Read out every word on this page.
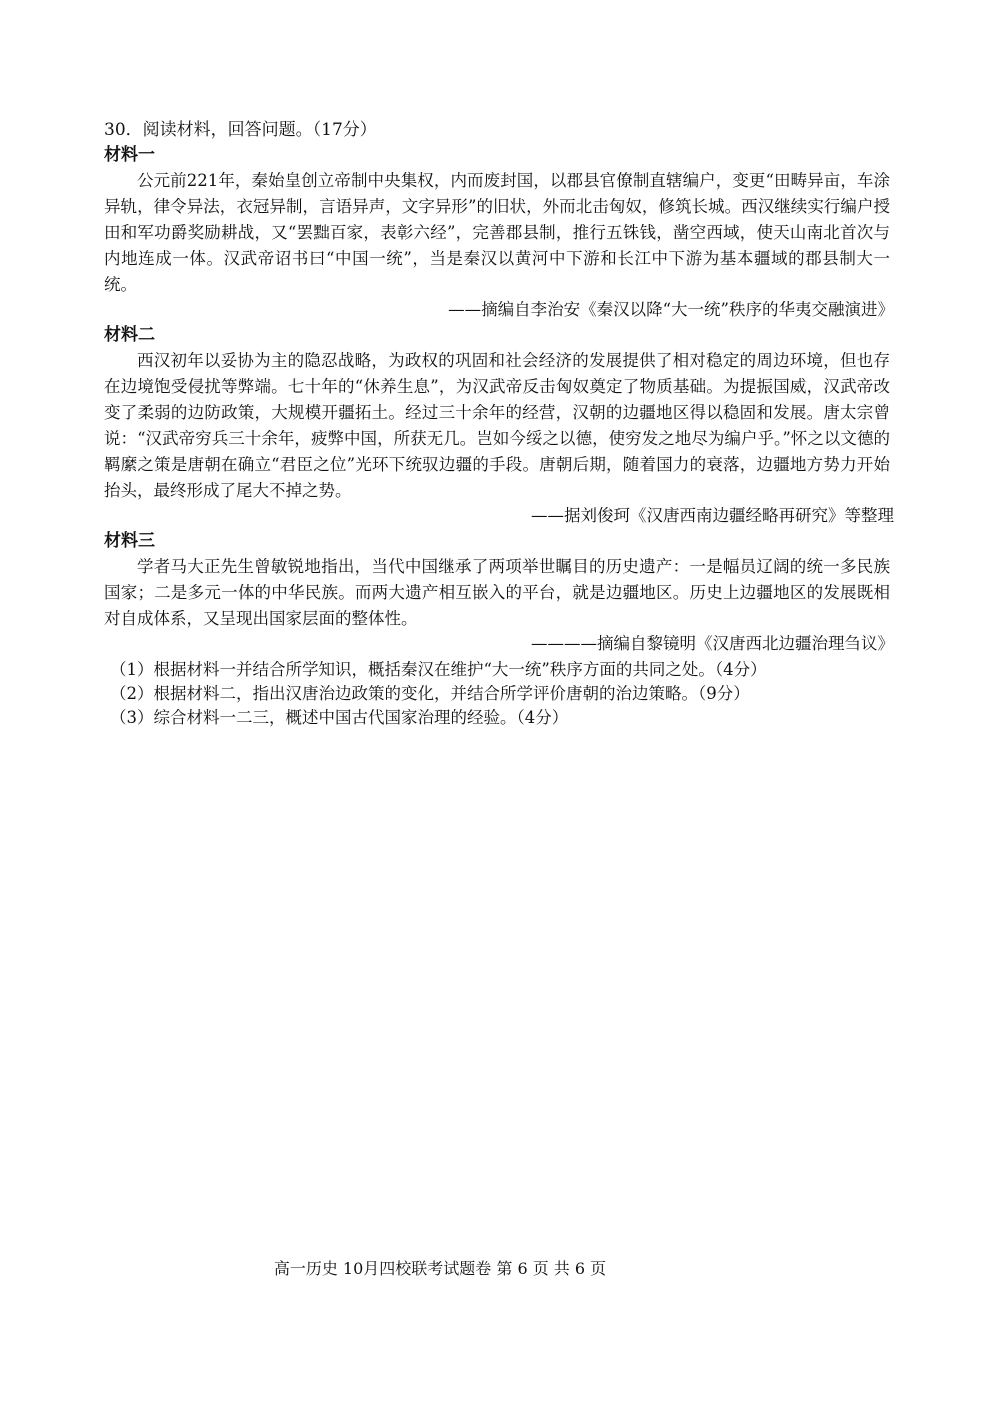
30．阅读材料，回答问题。（17分）

材料一

公元前221年，秦始皇创立帝制中央集权，内而废封国，以郡县官僚制直辖编户，变更“田畴异亩，车涂异轨，律令异法，衣冠异制，言语异声，文字异形”的旧状，外而北击匈奴，修筑长城。西汉继续实行编户授田和军功爵奖励耕战，又“罢黜百家，表彰六经”，完善郡县制，推行五铢钱，凿空西域，使天山南北首次与内地连成一体。汉武帝诏书曰“中国一统”，当是秦汉以黄河中下游和长江中下游为基本疆域的郡县制大一统。

——摘编自李治安《秦汉以降“大一统”秩序的华夷交融演进》
材料二

西汉初年以妥协为主的隐忍战略，为政权的巩固和社会经济的发展提供了相对稳定的周边环境，但也存在边境饱受侵扰等弊端。七十年的“休养生息”，为汉武帝反击匈奴奠定了物质基础。为提振国威，汉武帝改变了柔弱的边防政策，大规模开疆拓土。经过三十余年的经营，汉朝的边疆地区得以稳固和发展。唐太宗曾说：“汉武帝穷兵三十余年，疲弊中国，所获无几。岂如今绥之以德，使穷发之地尽为编户乎。”怀之以文德的羁縻之策是唐朝在确立“君臣之位”光环下统驭边疆的手段。唐朝后期，随着国力的衰落，边疆地方势力开始抬头，最终形成了尾大不掉之势。

——据刘俊珂《汉唐西南边疆经略再研究》等整理
材料三

学者马大正先生曾敏锐地指出，当代中国继承了两项举世瞩目的历史遗产：一是幅员辽阔的统一多民族国家；二是多元一体的中华民族。而两大遗产相互嵌入的平台，就是边疆地区。历史上边疆地区的发展既相对自成体系，又呈现出国家层面的整体性。

————摘编自黎镜明《汉唐西北边疆治理刍议》

（1）根据材料一并结合所学知识，概括秦汉在维护“大一统”秩序方面的共同之处。（4分）

（2）根据材料二，指出汉唐治边政策的变化，并结合所学评价唐朝的治边策略。（9分）

（3）综合材料一二三，概述中国古代国家治理的经验。（4分）

高一历史 10月四校联考试题卷 第 6 页 共 6 页
